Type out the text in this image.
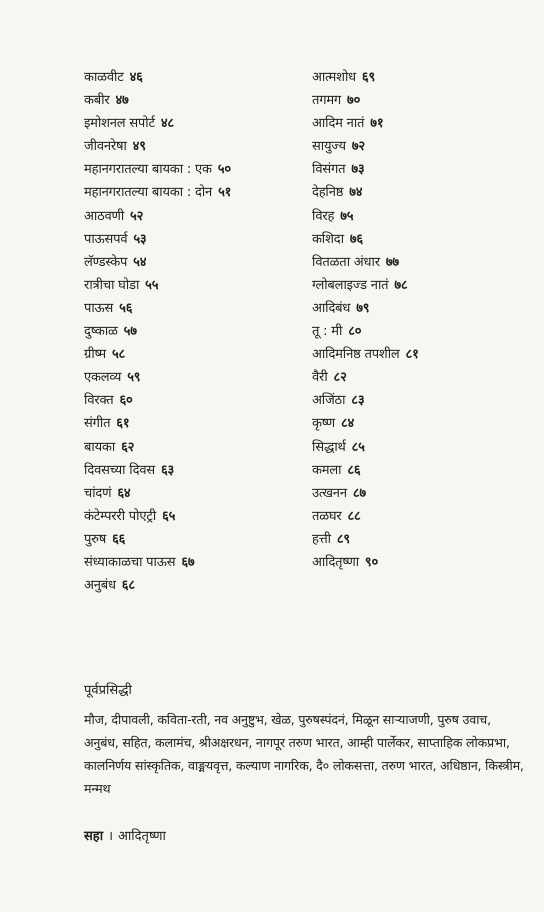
काळवीट ४६
कबीर ४७
इमोशनल सपोर्ट ४८
जीवनरेषा ४९
महानगरातल्या बायका : एक ५०
महानगरातल्या बायका : दोन ५१
आठवणी ५२
पाऊसपर्व ५३
लॅण्डस्केप ५४
रात्रीचा घोडा ५५
पाऊस ५६
दुष्काळ ५७
ग्रीष्म ५८
एकलव्य ५९
विरक्त ६०
संगीत ६१
बायका ६२
दिवसच्या दिवस ६३
चांदणं ६४
कंटेम्पररी पोएट्री ६५
पुरुष ६६
संध्याकाळचा पाऊस ६७
अनुबंध ६८
आत्मशोध ६९
तगमग ७०
आदिम नातं ७१
सायुज्य ७२
विसंगत ७३
देहनिष्ठ ७४
विरह ७५
कशिदा ७६
वितळता अंधार ७७
ग्लोबलाइज्ड नातं ७८
आदिबंध ७९
तू : मी ८०
आदिमनिष्ठ तपशील ८१
वैरी ८२
अजिंठा ८३
कृष्ण ८४
सिद्धार्थ ८५
कमला ८६
उत्खनन ८७
तळघर ८८
हत्ती ८९
आदितृष्णा ९०
पूर्वप्रसिद्धी

मौज, दीपावली, कविता-रती, नव अनुष्टुभ, खेळ, पुरुषस्पंदनं, मिळून साऱ्याजणी, पुरुष उवाच, अनुबंध, सहित, कलामंच, श्रीअक्षरधन, नागपूर तरुण भारत, आम्ही पार्लेकर, साप्ताहिक लोकप्रभा, कालनिर्णय सांस्कृतिक, वाङ्मयवृत्त, कल्याण नागरिक, दै० लोकसत्ता, तरुण भारत, अधिष्ठान, किस्त्रीम, मन्मथ

सहा । आदितृष्णा
